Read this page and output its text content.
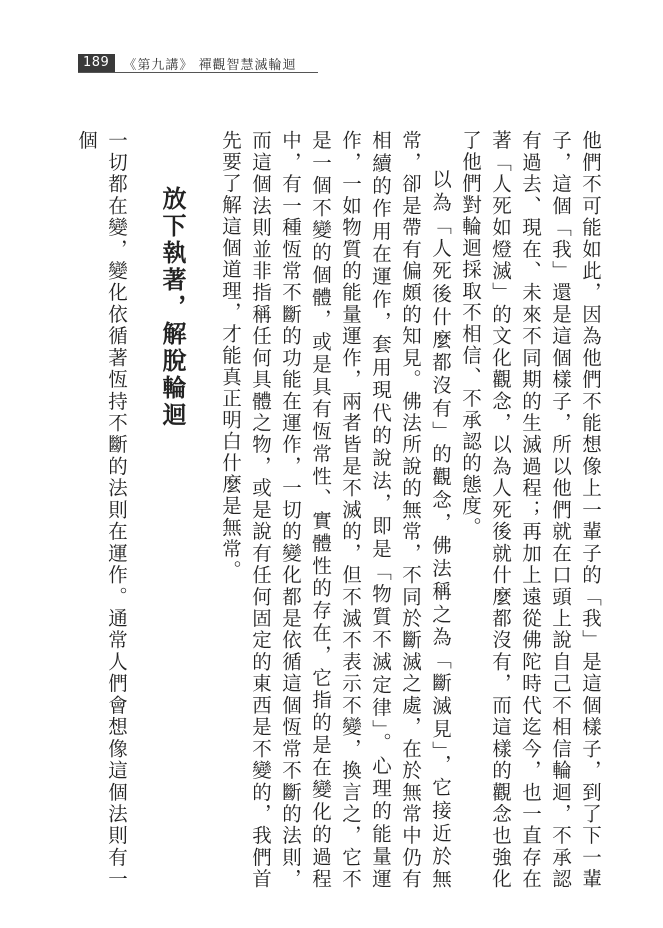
189	《第九講》 禪觀智慧滅輪迴

他們不可能如此，因為他們不能想像上一輩子的「我」是這個樣子，到了下一輩子，這個「我」還是這個樣子，所以他們就在口頭上說自己不相信輪迴，不承認有過去、現在、未來不同期的生滅過程；再加上遠從佛陀時代迄今，也一直存在著「人死如燈滅」的文化觀念，以為人死後就什麼都沒有，而這樣的觀念也強化了他們對輪迴採取不相信、不承認的態度。

以為「人死後什麼都沒有」的觀念，佛法稱之為「斷滅見」，它接近於無常，卻是帶有偏頗的知見。佛法所說的無常，不同於斷滅之處，在於無常中仍有相續的作用在運作，套用現代的說法，即是「物質不滅定律」。心理的能量運作，一如物質的能量運作，兩者皆是不滅的，但不滅不表示不變，換言之，它不是一個不變的個體，或是具有恆常性、實體性的存在，它指的是在變化的過程中，有一種恆常不斷的功能在運作，一切的變化都是依循這個恆常不斷的法則，而這個法則並非指稱任何具體之物，或是說有任何固定的東西是不變的，我們首先要了解這個道理，才能真正明白什麼是無常。

放下執著，解脫輪迴

一切都在變，變化依循著恆持不斷的法則在運作。通常人們會想像這個法則有一個
